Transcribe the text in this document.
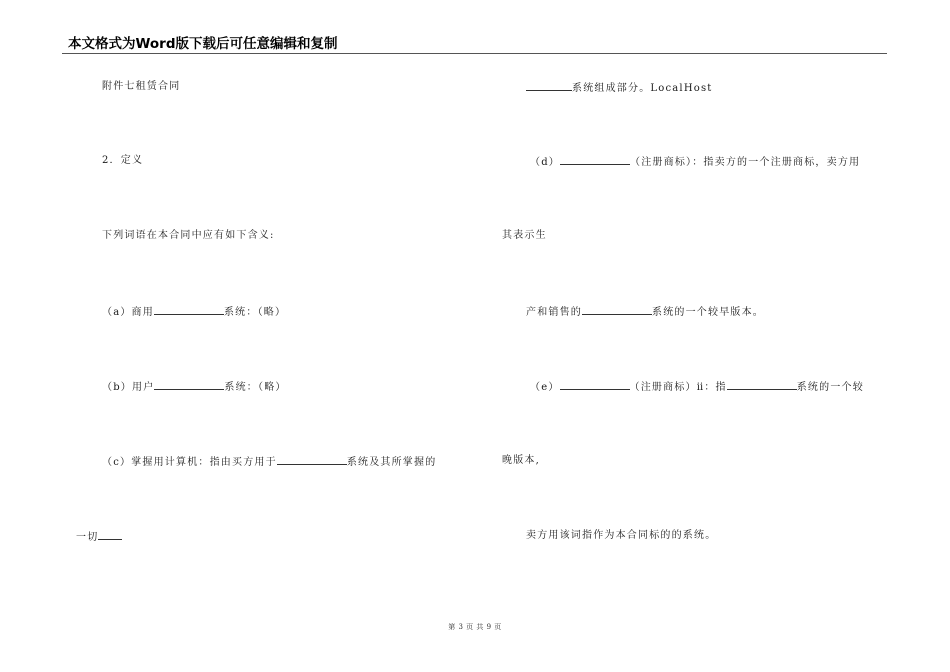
本文格式为Word版下载后可任意编辑和复制
附件七租赁合同
2．定义
下列词语在本合同中应有如下含义:
（a）商用	系统：（略）
（b）用户	系统：（略）
（c）掌握用计算机：指由买方用于	系统及其所掌握的
一切
系统组成部分。LocalHost
（d）	（注册商标）：指卖方的一个注册商标，卖方用
其表示生
产和销售的	系统的一个较早版本。
（e）	（注册商标）ⅱ：指	系统的一个较
晚版本,
卖方用该词指作为本合同标的的系统。
第 3 页 共 9 页
